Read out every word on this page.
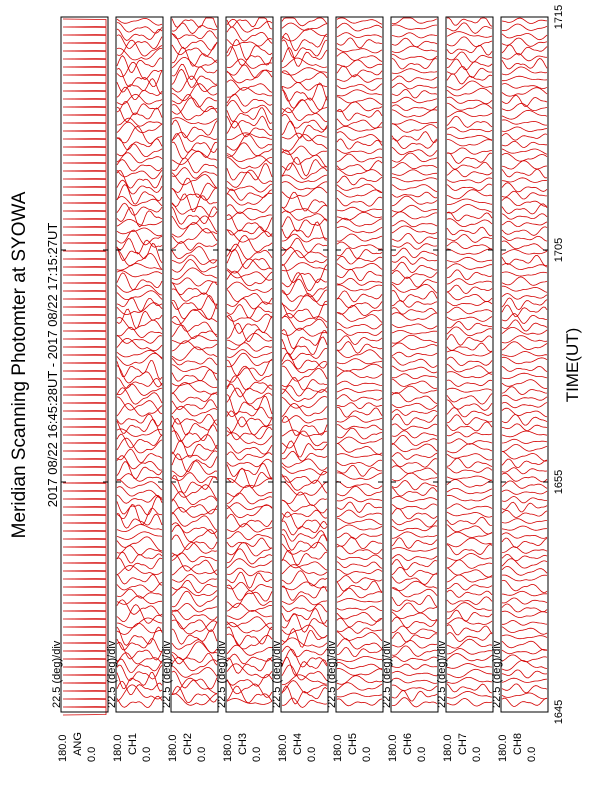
Meridian Scanning Photomter at SYOWA 2017 08/22 16:45:28UT - 2017 08/22 17:15:27UT	TIME(UT)
180.0 ANG 0.0
22.5 (deg)/div
180.0 CH1 0.0
22.5 (deg)/div
180.0 CH2 0.0
22.5 (deg)/div
180.0 CH3 0.0
22.5 (deg)/div
180.0 CH4 0.0
22.5 (deg)/div
180.0 CH5 0.0
22.5 (deg)/div
180.0 CH6 0.0
22.5 (deg)/div
180.0 CH7 0.0
22.5 (deg)/div
180.0 CH8 0.0
22.5 (deg)/div
1645
1655
1705
1715
